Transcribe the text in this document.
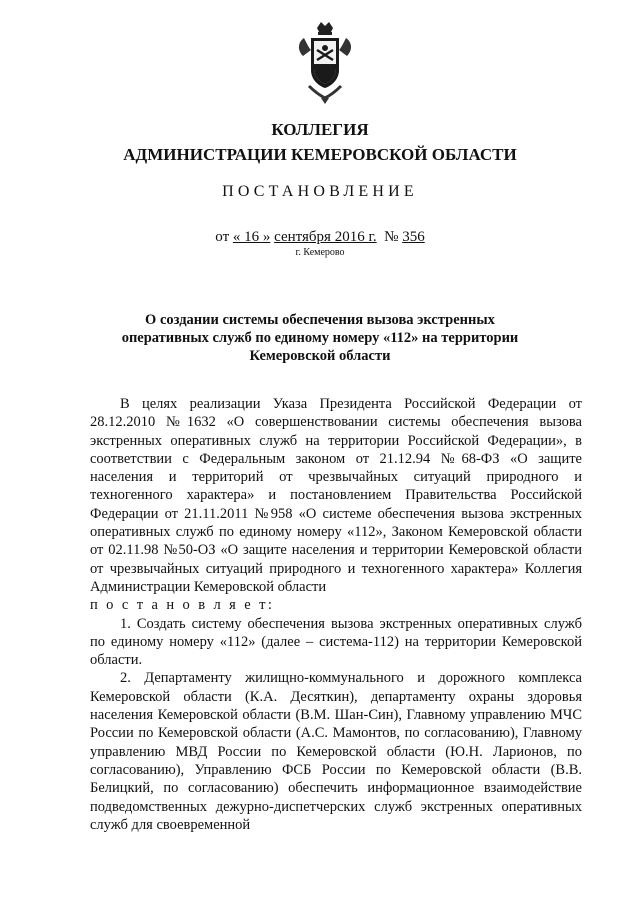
КОЛЛЕГИЯ
АДМИНИСТРАЦИИ КЕМЕРОВСКОЙ ОБЛАСТИ
ПОСТАНОВЛЕНИЕ
от « 16 » сентября 2016 г. № 356
г. Кемерово
О создании системы обеспечения вызова экстренных оперативных служб по единому номеру «112» на территории Кемеровской области

В целях реализации Указа Президента Российской Федерации от 28.12.2010 №1632 «О совершенствовании системы обеспечения вызова экстренных оперативных служб на территории Российской Федерации», в соответствии с Федеральным законом от 21.12.94 №68-ФЗ «О защите населения и территорий от чрезвычайных ситуаций природного и техногенного характера» и постановлением Правительства Российской Федерации от 21.11.2011 №958 «О системе обеспечения вызова экстренных оперативных служб по единому номеру «112», Законом Кемеровской области от 02.11.98 №50-ОЗ «О защите населения и территории Кемеровской области от чрезвычайных ситуаций природного и техногенного характера» Коллегия Администрации Кемеровской области

п о с т а н о в л я е т:

1. Создать систему обеспечения вызова экстренных оперативных служб по единому номеру «112» (далее – система-112) на территории Кемеровской области.

2. Департаменту жилищно-коммунального и дорожного комплекса Кемеровской области (К.А. Десяткин), департаменту охраны здоровья населения Кемеровской области (В.М. Шан-Син), Главному управлению МЧС России по Кемеровской области (А.С. Мамонтов, по согласованию), Главному управлению МВД России по Кемеровской области (Ю.Н. Ларионов, по согласованию), Управлению ФСБ России по Кемеровской области (В.В. Белицкий, по согласованию) обеспечить информационное взаимодействие подведомственных дежурно-диспетчерских служб экстренных оперативных служб для своевременной
